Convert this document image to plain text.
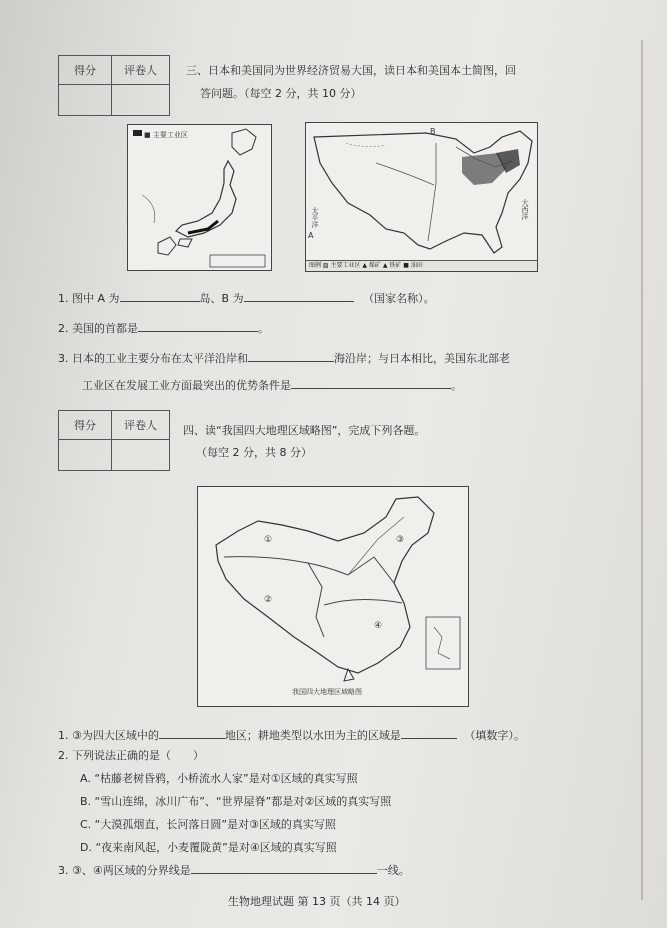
得分	评卷人
		三、日本和美国同为世界经济贸易大国，读日本和美国本土简图，回
答问题。（每空 2 分，共 10 分）
■ 主要工业区
A
B
大西洋
太平洋
图例 ▨ 主要工业区 ▲ 煤矿 ▲ 铁矿 ■ 油田
1. 图中 A 为	岛、B 为	（国家名称）。
2. 美国的首都是	。
3. 日本的工业主要分布在太平洋沿岸和	海沿岸；与日本相比，美国东北部老
工业区在发展工业方面最突出的优势条件是	。
得分	评卷人
	四、读“我国四大地理区域略图”，完成下列各题。
（每空 2 分，共 8 分）
①
②
③
④
我国四大地理区域略图
1. ③为四大区域中的	地区；耕地类型以水田为主的区域是	（填数字）。
2. 下列说法正确的是（　　）
A. “枯藤老树昏鸦，小桥流水人家”是对①区域的真实写照
B. “雪山连绵，冰川广布”、“世界屋脊”都是对②区域的真实写照
C. “大漠孤烟直，长河落日圆”是对③区域的真实写照
D. “夜来南风起，小麦覆陇黄”是对④区域的真实写照
3. ③、④两区域的分界线是	一线。
生物地理试题 第 13 页（共 14 页）
